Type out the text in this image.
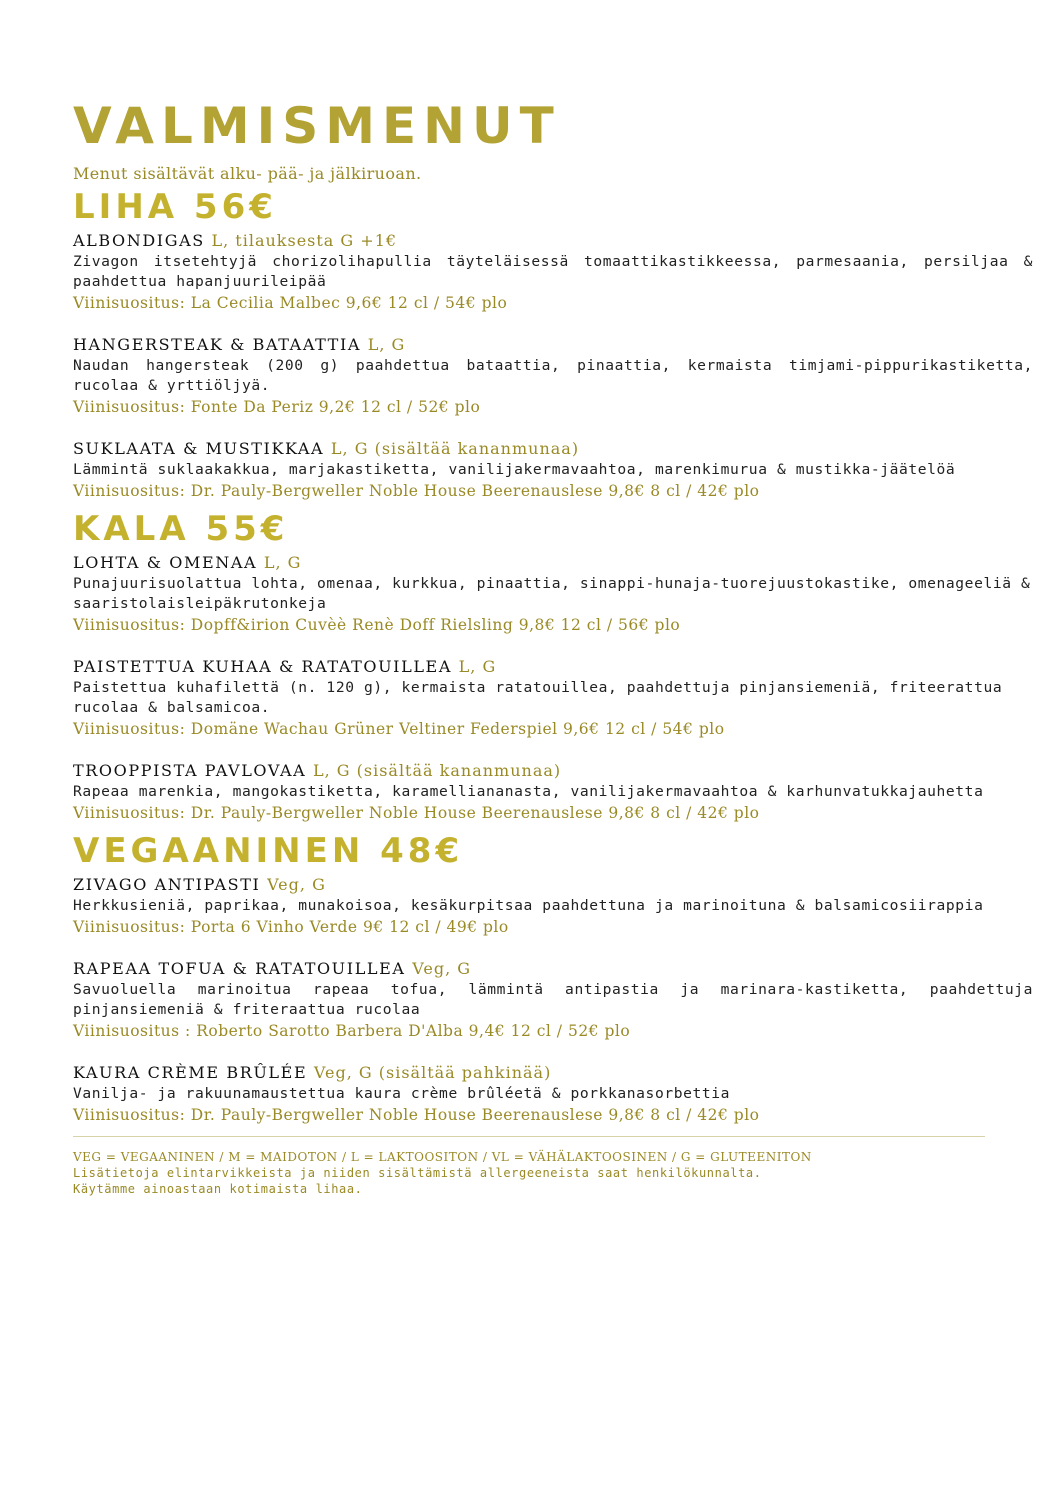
VALMISMENUT
Menut sisältävät alku- pää- ja jälkiruoan.
LIHA 56€
ALBONDIGAS L, tilauksesta G +1€
Zivagon itsetehtyjä chorizolihapullia täyteläisessä tomaattikastikkeessa, parmesaania, persiljaa & paahdettua hapanjuurileipää
Viinisuositus: La Cecilia Malbec 9,6€ 12 cl / 54€ plo
HANGERSTEAK & BATAATTIA L, G
Naudan hangersteak (200 g) paahdettua bataattia, pinaattia, kermaista timjami-pippurikastiketta, rucolaa & yrttiöljyä.
Viinisuositus: Fonte Da Periz 9,2€ 12 cl / 52€ plo
SUKLAATA & MUSTIKKAA L, G (sisältää kananmunaa)
Lämmintä suklaakakkua, marjakastiketta, vanilijakermavaahtoa, marenkimurua & mustikka-jäätelöä
Viinisuositus: Dr. Pauly-Bergweller Noble House Beerenauslese 9,8€ 8 cl / 42€ plo
KALA 55€
LOHTA & OMENAA L, G
Punajuurisuolattua lohta, omenaa, kurkkua, pinaattia, sinappi-hunaja-tuorejuustokastike, omenageeliä & saaristolaisleipäkrutonkeja
Viinisuositus: Dopff&irion Cuvèè Renè Doff Rielsling 9,8€ 12 cl / 56€ plo
PAISTETTUA KUHAA & RATATOUILLEA L, G
Paistettua kuhafilettä (n. 120 g), kermaista ratatouillea, paahdettuja pinjansiemeniä, friteerattua rucolaa & balsamicoa.
Viinisuositus: Domäne Wachau Grüner Veltiner Federspiel 9,6€ 12 cl / 54€ plo
TROOPPISTA PAVLOVAA L, G (sisältää kananmunaa)
Rapeaa marenkia, mangokastiketta, karamelliananasta, vanilijakermavaahtoa & karhunvatukkajauhetta
Viinisuositus: Dr. Pauly-Bergweller Noble House Beerenauslese 9,8€ 8 cl / 42€ plo
VEGAANINEN 48€
ZIVAGO ANTIPASTI Veg, G
Herkkusieniä, paprikaa, munakoisoa, kesäkurpitsaa paahdettuna ja marinoituna & balsamicosiirappia
Viinisuositus: Porta 6 Vinho Verde 9€ 12 cl / 49€ plo
RAPEAA TOFUA & RATATOUILLEA Veg, G
Savuoluella marinoitua rapeaa tofua, lämmintä antipastia ja marinara-kastiketta, paahdettuja pinjansiemeniä & friteraattua rucolaa
Viinisuositus : Roberto Sarotto Barbera D'Alba 9,4€ 12 cl / 52€ plo
KAURA CRÈME BRÛLÉE Veg, G (sisältää pahkinää)
Vanilja- ja rakuunamaustettua kaura crème brûléetä & porkkanasorbettia
Viinisuositus: Dr. Pauly-Bergweller Noble House Beerenauslese 9,8€ 8 cl / 42€ plo
VEG = VEGAANINEN / M = MAIDOTON / L = LAKTOOSITON / VL = VÄHÄLAKTOOSINEN / G = GLUTEENITON
Lisätietoja elintarvikkeista ja niiden sisältämistä allergeeneista saat henkilökunnalta.
Käytämme ainoastaan kotimaista lihaa.
